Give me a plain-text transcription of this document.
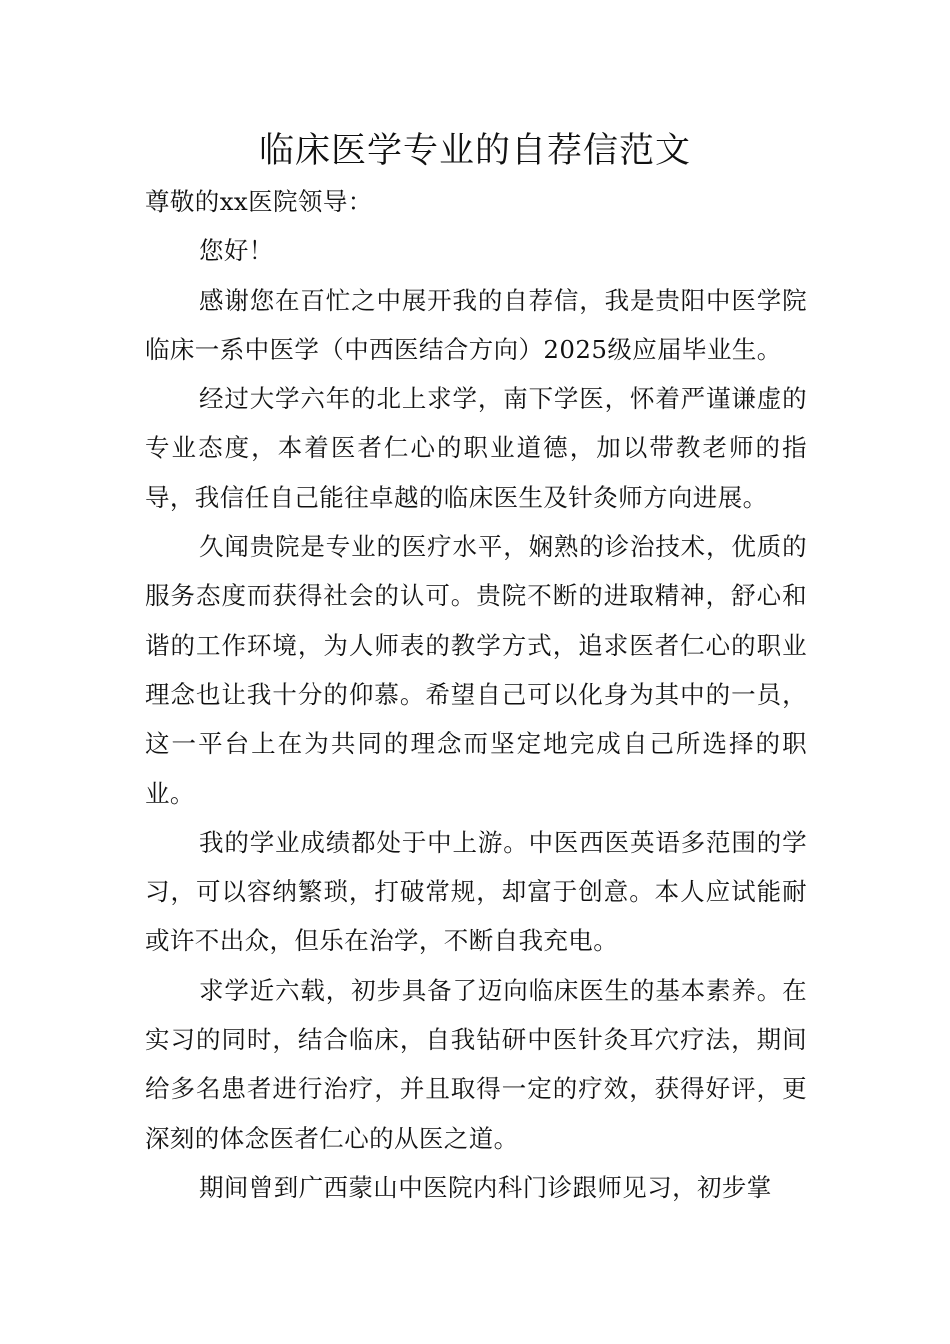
临床医学专业的自荐信范文

尊敬的xx医院领导：

您好！

感谢您在百忙之中展开我的自荐信，我是贵阳中医学院临床一系中医学（中西医结合方向）2025级应届毕业生。

经过大学六年的北上求学，南下学医，怀着严谨谦虚的专业态度，本着医者仁心的职业道德，加以带教老师的指导，我信任自己能往卓越的临床医生及针灸师方向进展。

久闻贵院是专业的医疗水平，娴熟的诊治技术，优质的服务态度而获得社会的认可。贵院不断的进取精神，舒心和谐的工作环境，为人师表的教学方式，追求医者仁心的职业理念也让我十分的仰慕。希望自己可以化身为其中的一员，这一平台上在为共同的理念而坚定地完成自己所选择的职业。

我的学业成绩都处于中上游。中医西医英语多范围的学习，可以容纳繁琐，打破常规，却富于创意。本人应试能耐或许不出众，但乐在治学，不断自我充电。

求学近六载，初步具备了迈向临床医生的基本素养。在实习的同时，结合临床，自我钻研中医针灸耳穴疗法，期间给多名患者进行治疗，并且取得一定的疗效，获得好评，更深刻的体念医者仁心的从医之道。

期间曾到广西蒙山中医院内科门诊跟师见习，初步掌
